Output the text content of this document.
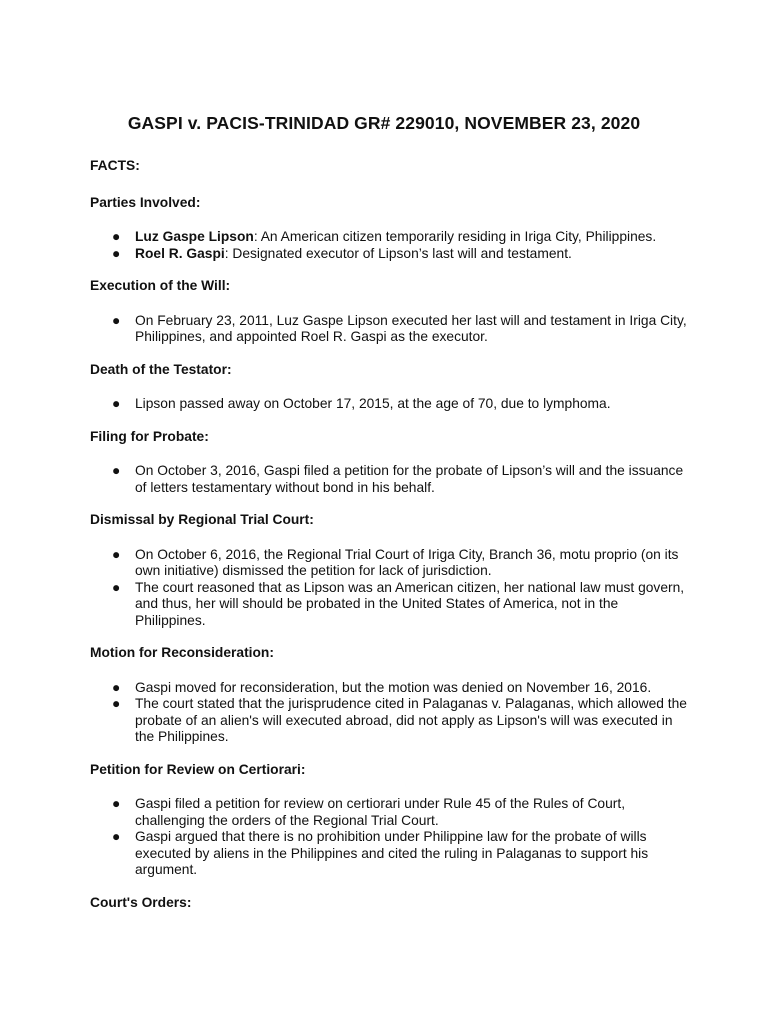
GASPI v. PACIS-TRINIDAD GR# 229010, NOVEMBER 23, 2020

FACTS:

Parties Involved:

● Luz Gaspe Lipson: An American citizen temporarily residing in Iriga City, Philippines.
● Roel R. Gaspi: Designated executor of Lipson’s last will and testament.

Execution of the Will:

● On February 23, 2011, Luz Gaspe Lipson executed her last will and testament in Iriga City, Philippines, and appointed Roel R. Gaspi as the executor.

Death of the Testator:

● Lipson passed away on October 17, 2015, at the age of 70, due to lymphoma.

Filing for Probate:

● On October 3, 2016, Gaspi filed a petition for the probate of Lipson’s will and the issuance of letters testamentary without bond in his behalf.

Dismissal by Regional Trial Court:

● On October 6, 2016, the Regional Trial Court of Iriga City, Branch 36, motu proprio (on its own initiative) dismissed the petition for lack of jurisdiction.
● The court reasoned that as Lipson was an American citizen, her national law must govern, and thus, her will should be probated in the United States of America, not in the Philippines.

Motion for Reconsideration:

● Gaspi moved for reconsideration, but the motion was denied on November 16, 2016.
● The court stated that the jurisprudence cited in Palaganas v. Palaganas, which allowed the probate of an alien's will executed abroad, did not apply as Lipson's will was executed in the Philippines.

Petition for Review on Certiorari:

● Gaspi filed a petition for review on certiorari under Rule 45 of the Rules of Court, challenging the orders of the Regional Trial Court.
● Gaspi argued that there is no prohibition under Philippine law for the probate of wills executed by aliens in the Philippines and cited the ruling in Palaganas to support his argument.

Court's Orders:
